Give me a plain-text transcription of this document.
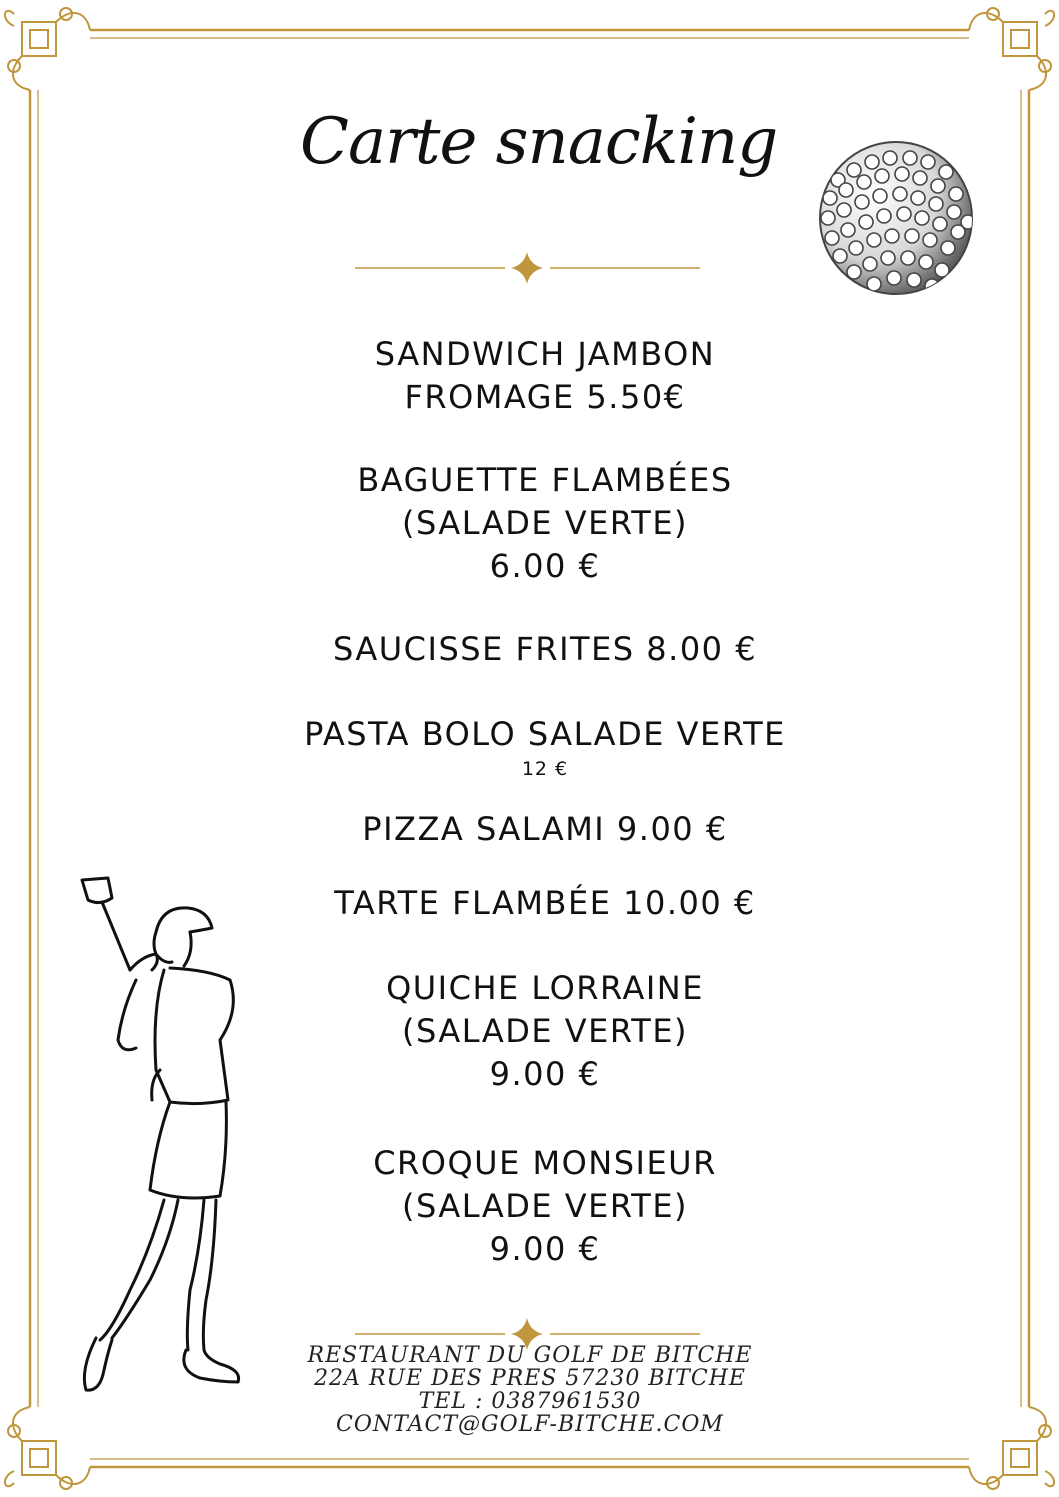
Carte snacking
SANDWICH JAMBON
FROMAGE 5.50€
BAGUETTE FLAMBÉES
(SALADE VERTE)
6.00 €
SAUCISSE FRITES 8.00 €
PASTA BOLO SALADE VERTE
12 €
PIZZA SALAMI 9.00 €
TARTE FLAMBÉE 10.00 €
QUICHE LORRAINE
(SALADE VERTE)
9.00 €
CROQUE MONSIEUR
(SALADE VERTE)
9.00 €
RESTAURANT DU GOLF DE BITCHE
22A RUE DES PRES 57230 BITCHE
TEL : 0387961530
CONTACT@GOLF-BITCHE.COM
